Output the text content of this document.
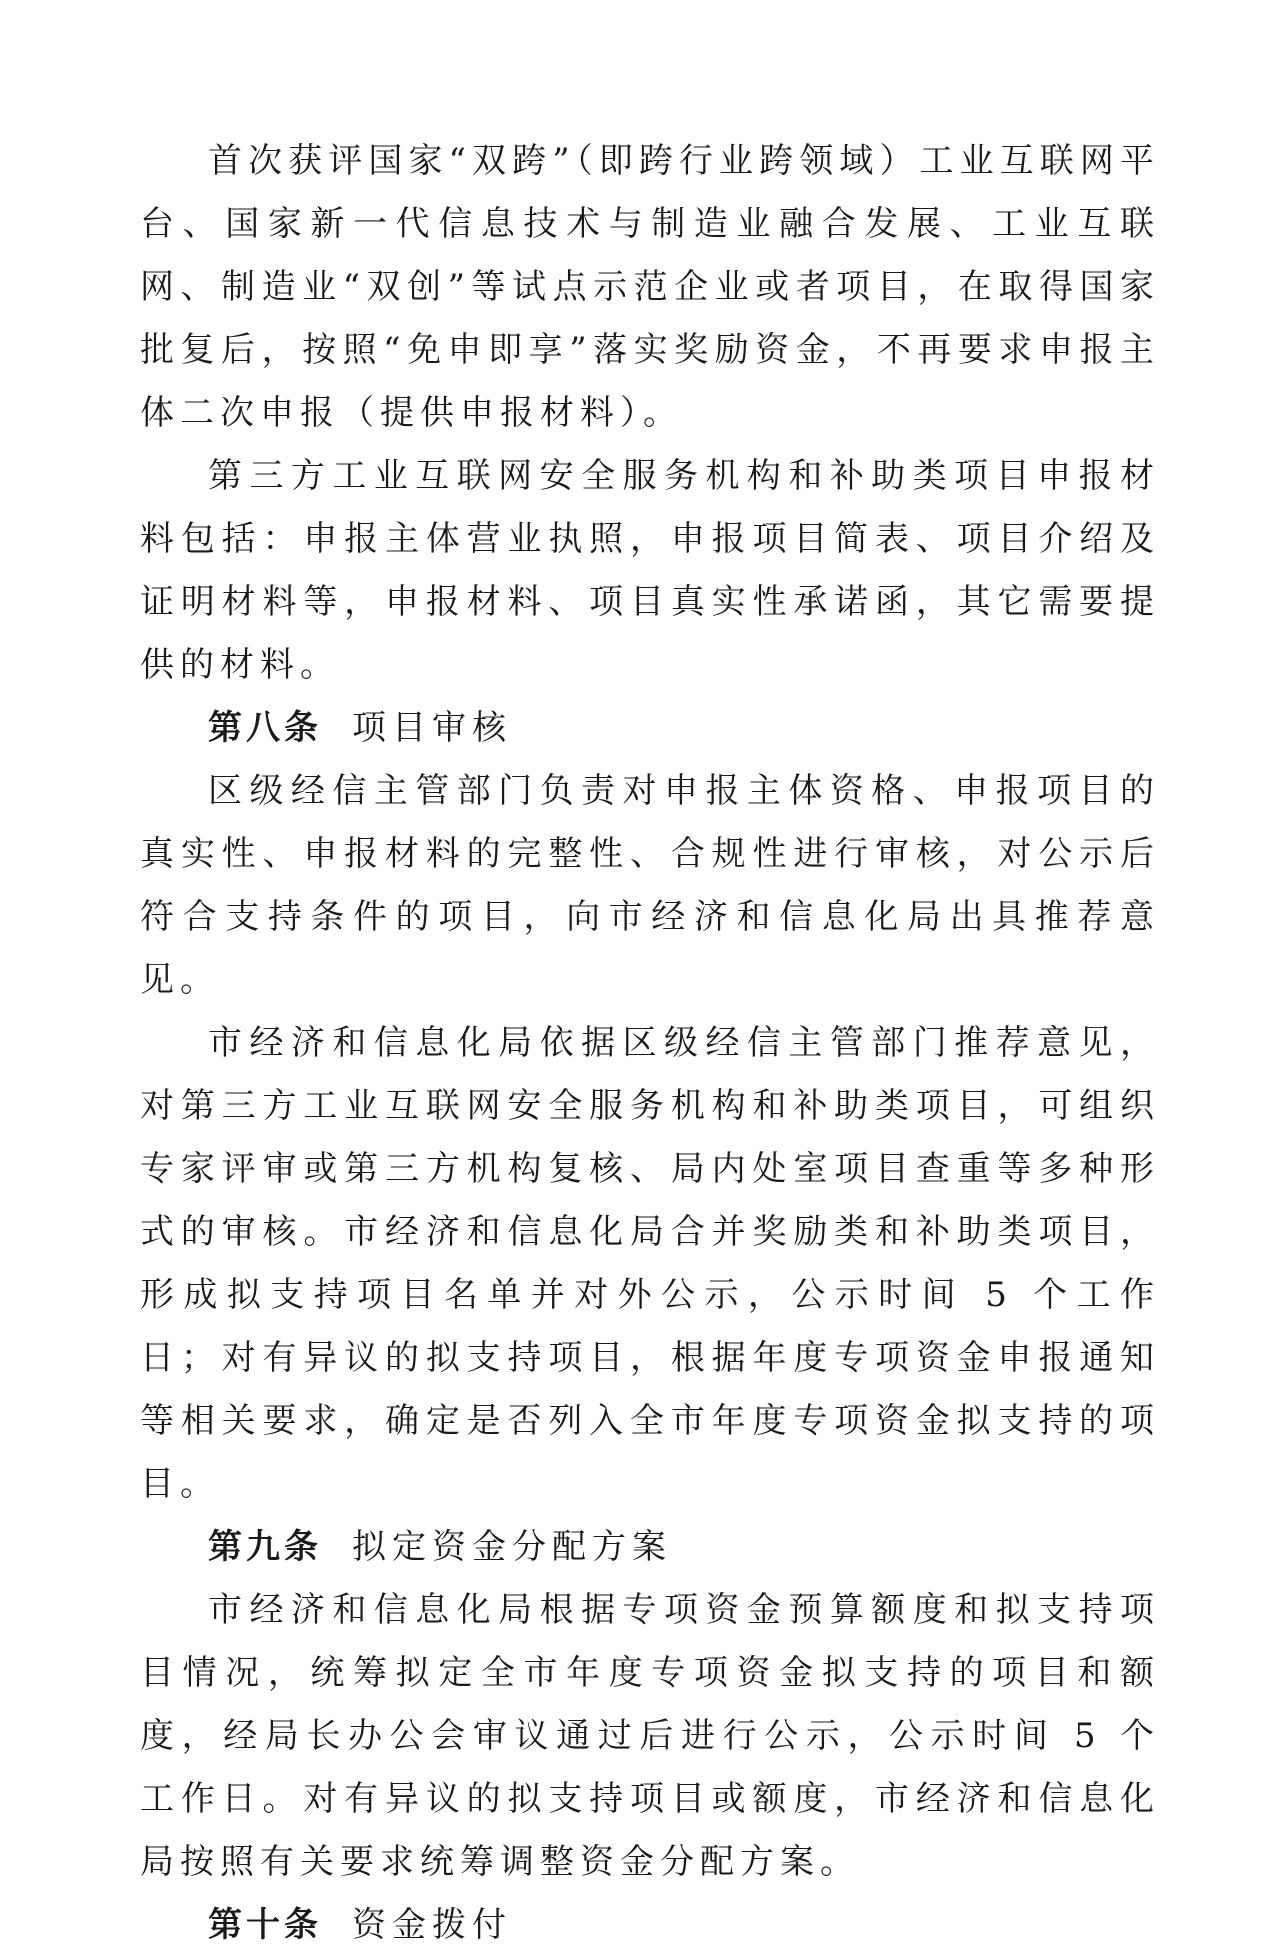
首次获评国家“双跨”（即跨行业跨领域）工业互联网平台、国家新一代信息技术与制造业融合发展、工业互联网、制造业“双创”等试点示范企业或者项目，在取得国家批复后，按照“免申即享”落实奖励资金，不再要求申报主体二次申报（提供申报材料）。

第三方工业互联网安全服务机构和补助类项目申报材料包括：申报主体营业执照，申报项目简表、项目介绍及证明材料等，申报材料、项目真实性承诺函，其它需要提供的材料。

第八条 项目审核

区级经信主管部门负责对申报主体资格、申报项目的真实性、申报材料的完整性、合规性进行审核，对公示后符合支持条件的项目，向市经济和信息化局出具推荐意见。

市经济和信息化局依据区级经信主管部门推荐意见，对第三方工业互联网安全服务机构和补助类项目，可组织专家评审或第三方机构复核、局内处室项目查重等多种形式的审核。市经济和信息化局合并奖励类和补助类项目，形成拟支持项目名单并对外公示，公示时间 5 个工作日；对有异议的拟支持项目，根据年度专项资金申报通知等相关要求，确定是否列入全市年度专项资金拟支持的项目。

第九条 拟定资金分配方案

市经济和信息化局根据专项资金预算额度和拟支持项目情况，统筹拟定全市年度专项资金拟支持的项目和额度，经局长办公会审议通过后进行公示，公示时间 5 个工作日。对有异议的拟支持项目或额度，市经济和信息化局按照有关要求统筹调整资金分配方案。

第十条 资金拨付
